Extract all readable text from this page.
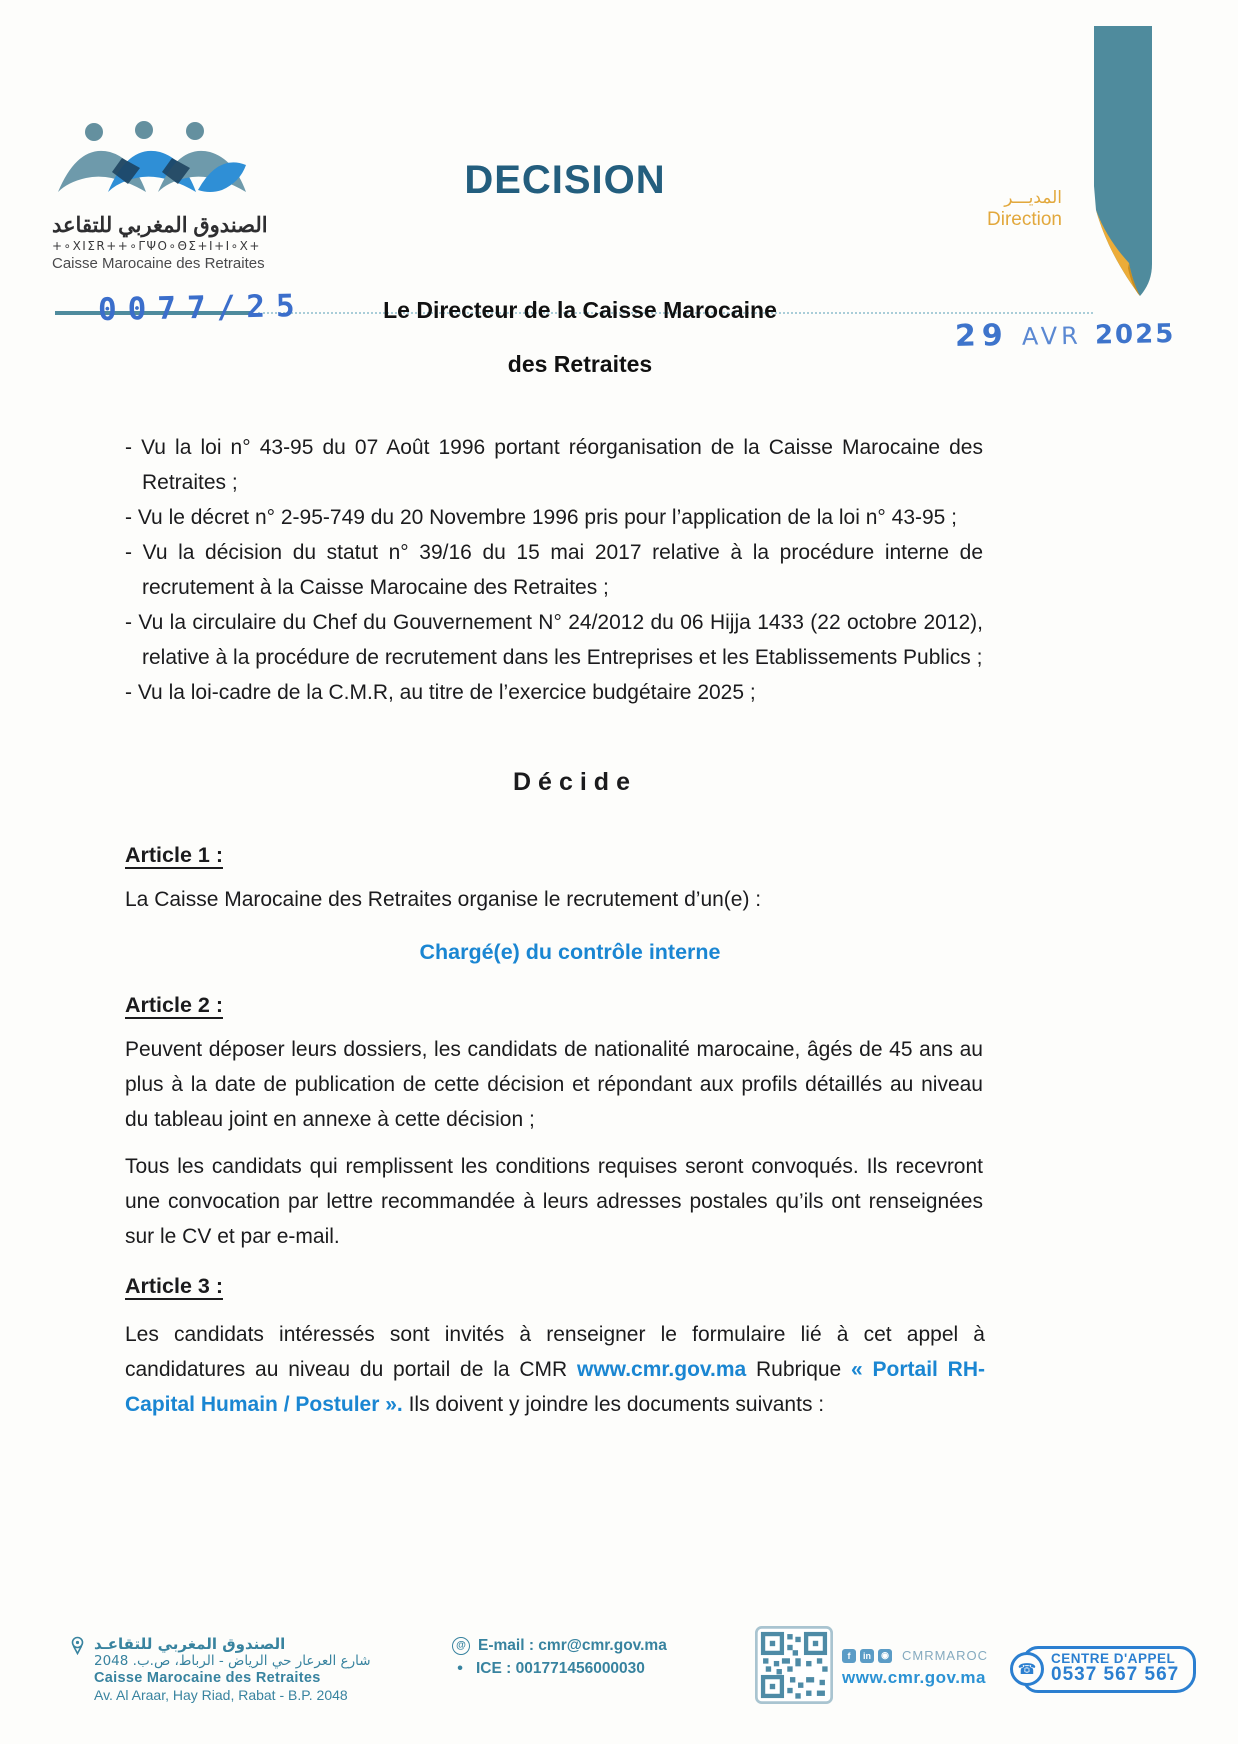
الصندوق المغربي للتقاعد
+∘ΧΙΣR++∘ΓΨΟ∘ΘΣ+Ι+Ι∘Χ+
Caisse Marocaine des Retraites
DECISION	المديـــر
Direction
0077/25	Le Directeur de la Caisse Marocaine
des Retraites
29 AVR 2025
- Vu la loi n° 43-95 du 07 Août 1996 portant réorganisation de la Caisse Marocaine des Retraites ;
- Vu le décret n° 2-95-749 du 20 Novembre 1996 pris pour l’application de la loi n° 43-95 ;
- Vu la décision du statut n° 39/16 du 15 mai 2017 relative à la procédure interne de recrutement à la Caisse Marocaine des Retraites ;
- Vu la circulaire du Chef du Gouvernement N° 24/2012 du 06 Hijja 1433 (22 octobre 2012), relative à la procédure de recrutement dans les Entreprises et les Etablissements Publics ;
- Vu la loi-cadre de la C.M.R, au titre de l’exercice budgétaire 2025 ;
Décide
Article 1 :
La Caisse Marocaine des Retraites organise le recrutement d’un(e) :
Chargé(e) du contrôle interne
Article 2 :
Peuvent déposer leurs dossiers, les candidats de nationalité marocaine, âgés de 45 ans au plus à la date de publication de cette décision et répondant aux profils détaillés au niveau du tableau joint en annexe à cette décision ;
Tous les candidats qui remplissent les conditions requises seront convoqués. Ils recevront une convocation par lettre recommandée à leurs adresses postales qu’ils ont renseignées sur le CV et par e-mail.
Article 3 :
Les candidats intéressés sont invités à renseigner le formulaire lié à cet appel à candidatures au niveau du portail de la CMR www.cmr.gov.ma Rubrique « Portail RH-Capital Humain / Postuler ». Ils doivent y joindre les documents suivants :
الصندوق المغربي للتقاعـد
شارع العرعار حي الرياض - الرباط، ص.ب. 2048
Caisse Marocaine des Retraites
Av. Al Araar, Hay Riad, Rabat - B.P. 2048
@ E-mail : cmr@cmr.gov.ma
• ICE : 001771456000030
f	in	◉ CMRMAROC
www.cmr.gov.ma	☎
CENTRE D'APPEL
0537 567 567
